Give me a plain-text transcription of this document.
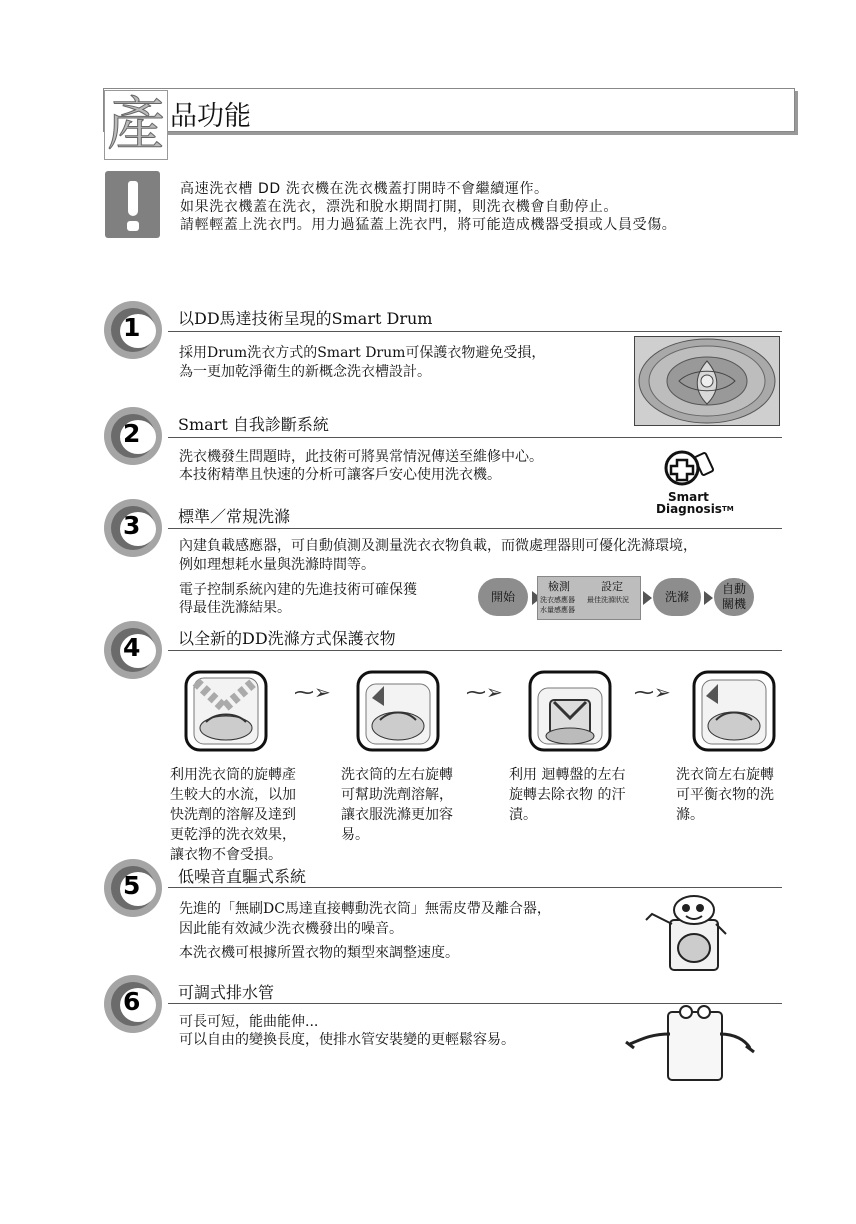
產 品功能
高速洗衣槽 DD 洗衣機在洗衣機蓋打開時不會繼續運作。
如果洗衣機蓋在洗衣，漂洗和脫水期間打開，則洗衣機會自動停止。
請輕輕蓋上洗衣門。用力過猛蓋上洗衣門，將可能造成機器受損或人員受傷。
1 以DD馬達技術呈現的Smart Drum
採用Drum洗衣方式的Smart Drum可保護衣物避免受損，
為一更加乾淨衛生的新概念洗衣槽設計。
2 Smart 自我診斷系統
洗衣機發生問題時，此技術可將異常情況傳送至維修中心。
本技術精準且快速的分析可讓客戶安心使用洗衣機。
Smart
Diagnosis™
3 標準／常規洗滌
內建負載感應器，可自動偵測及測量洗衣衣物負載，而微處理器則可優化洗滌環境，
例如理想耗水量與洗滌時間等。
電子控制系統內建的先進技術可確保獲
得最佳洗滌結果。
開始
檢測	設定
洗衣感應器
水量感應器
最佳洗滌狀況	洗滌
自動
關機
4 以全新的DD洗滌方式保護衣物
⁓➢	⁓➢	⁓➢
利用洗衣筒的旋轉產
生較大的水流，以加
快洗劑的溶解及達到
更乾淨的洗衣效果，
讓衣物不會受損。
洗衣筒的左右旋轉
可幫助洗劑溶解，
讓衣服洗滌更加容
易。
利用 迴轉盤的左右
旋轉去除衣物 的汗
漬。
洗衣筒左右旋轉
可平衡衣物的洗
滌。
5 低噪音直驅式系統
先進的「無刷DC馬達直接轉動洗衣筒」無需皮帶及離合器，
因此能有效減少洗衣機發出的噪音。
本洗衣機可根據所置衣物的類型來調整速度。
6 可調式排水管
可長可短，能曲能伸...
可以自由的變換長度，使排水管安裝變的更輕鬆容易。
